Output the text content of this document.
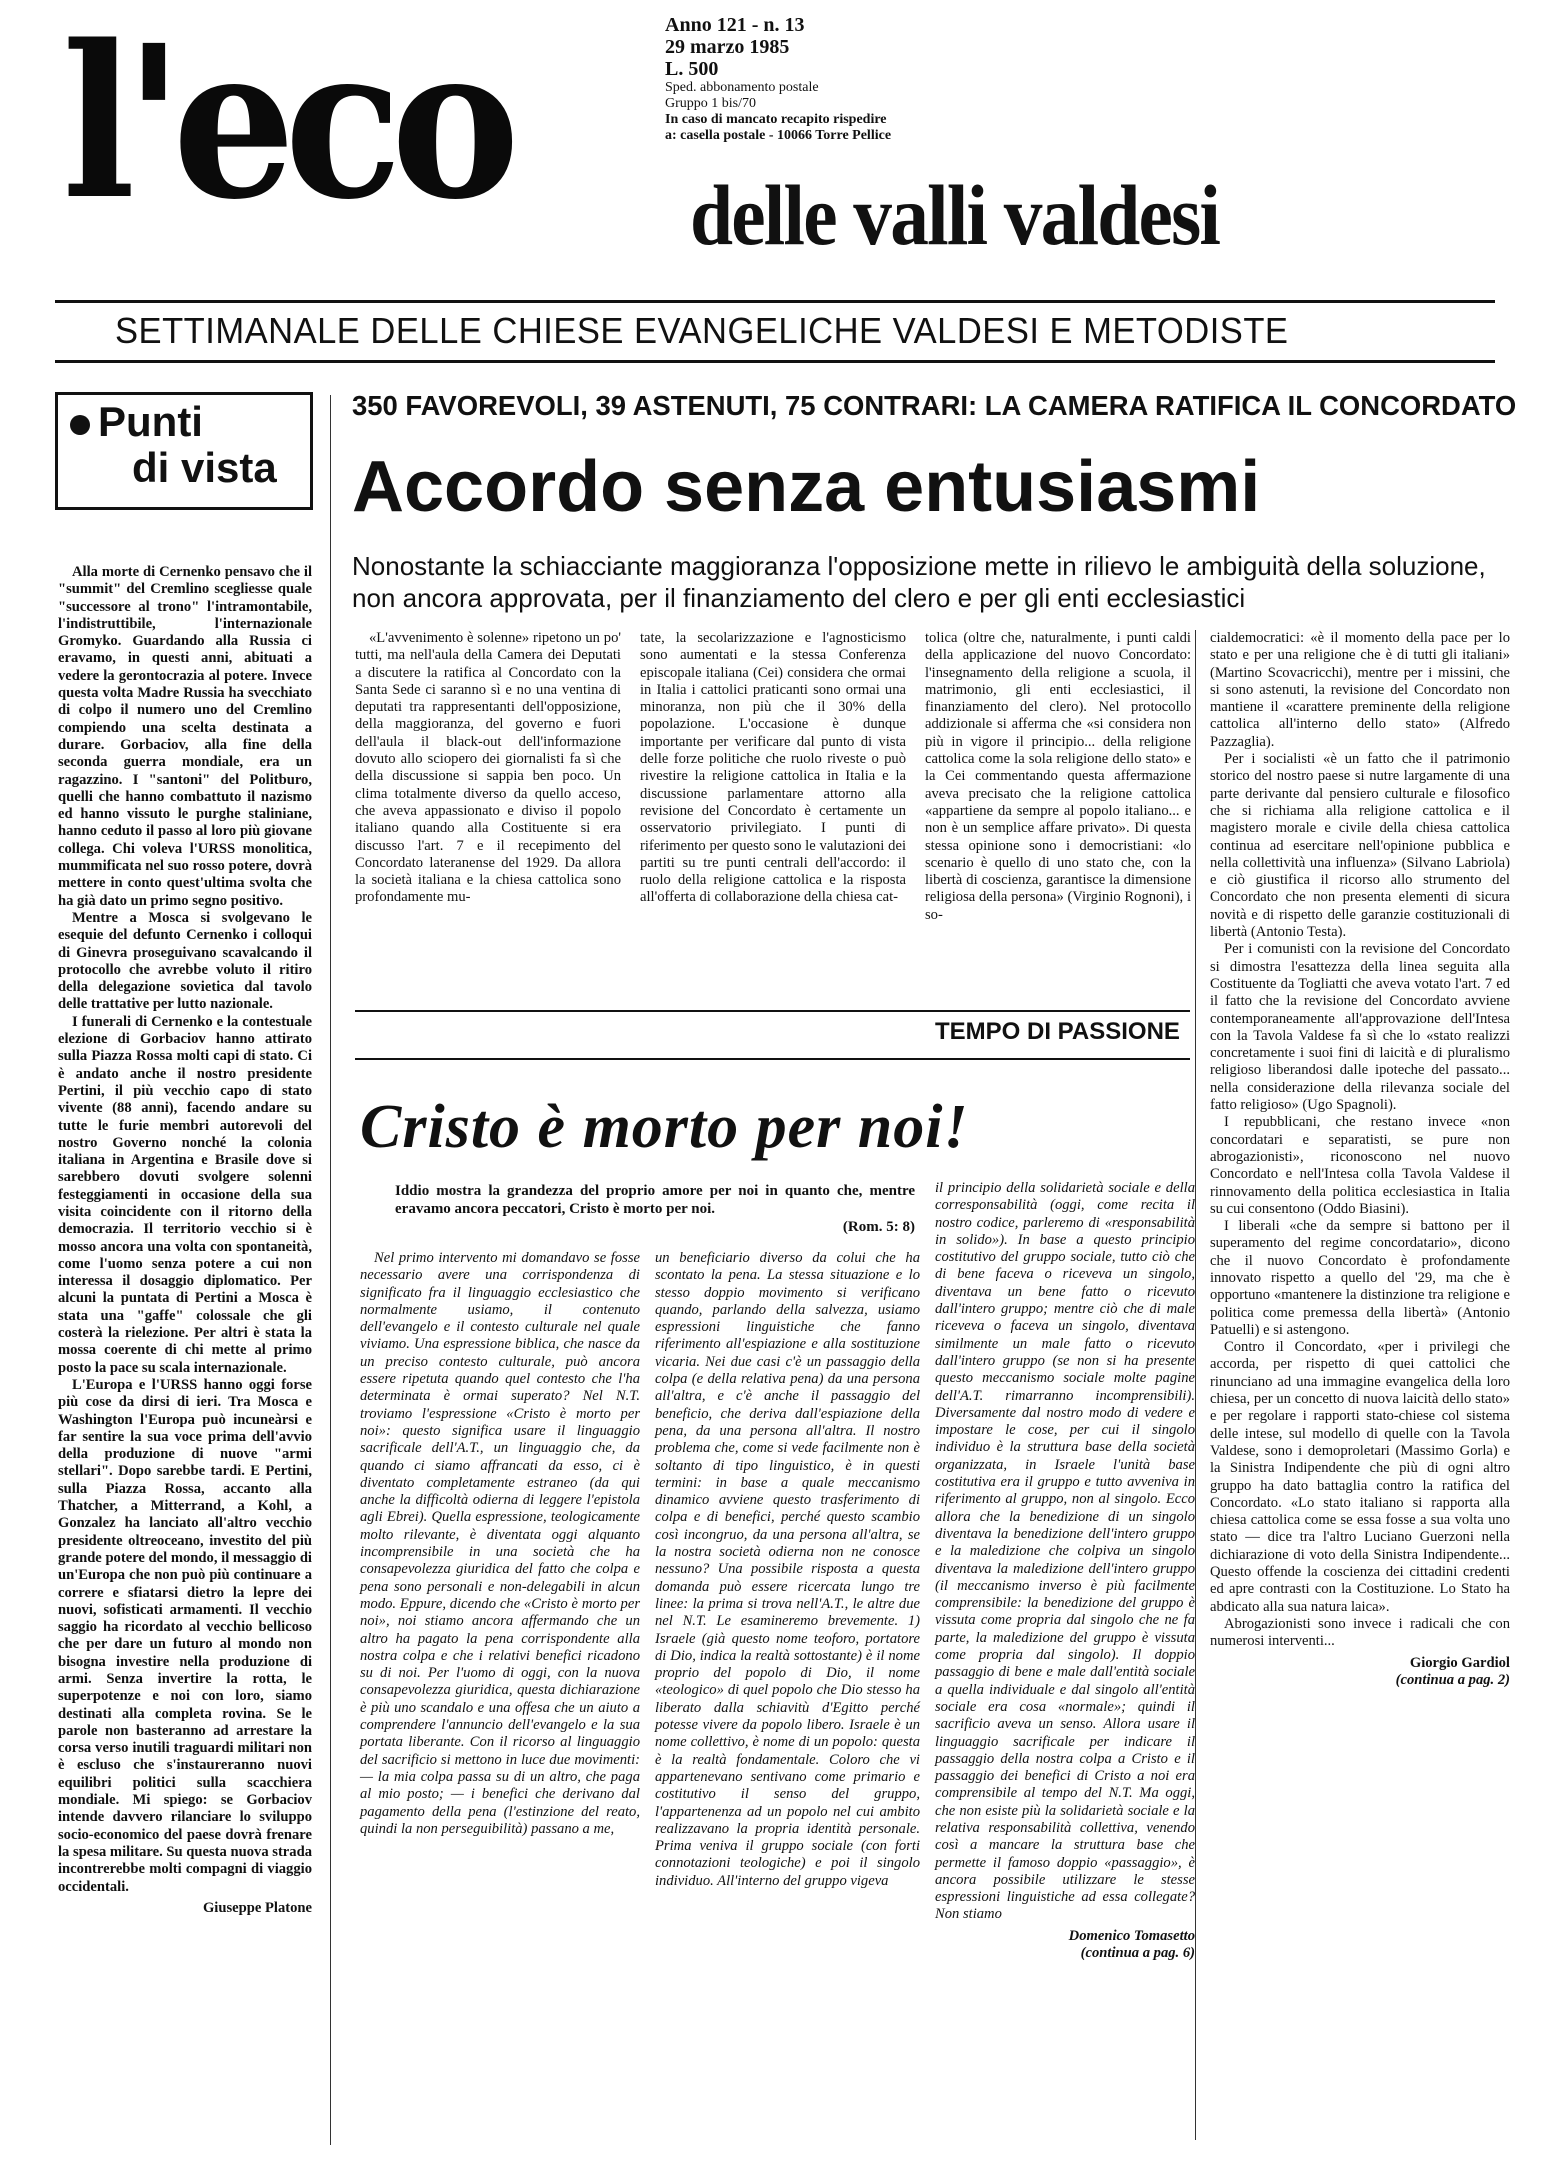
l'eco	Anno 121 - n. 13
29 marzo 1985
L. 500
Sped. abbonamento postale
Gruppo 1 bis/70
In caso di mancato recapito rispedire
a: casella postale - 10066 Torre Pellice
delle valli valdesi
SETTIMANALE DELLE CHIESE EVANGELICHE VALDESI E METODISTE
Punti
di vista
350 FAVOREVOLI, 39 ASTENUTI, 75 CONTRARI: LA CAMERA RATIFICA IL CONCORDATO
Accordo senza entusiasmi
Nonostante la schiacciante maggioranza l'opposizione mette in rilievo le ambiguità della soluzione, non ancora approvata, per il finanziamento del clero e per gli enti ecclesiastici

Alla morte di Cernenko pensavo che il "summit" del Cremlino scegliesse quale "successore al trono" l'intramontabile, l'indistruttibile, l'internazionale Gromyko. Guardando alla Russia ci eravamo, in questi anni, abituati a vedere la gerontocrazia al potere. Invece questa volta Madre Russia ha svecchiato di colpo il numero uno del Cremlino compiendo una scelta destinata a durare. Gorbaciov, alla fine della seconda guerra mondiale, era un ragazzino. I "santoni" del Politburo, quelli che hanno combattuto il nazismo ed hanno vissuto le purghe staliniane, hanno ceduto il passo al loro più giovane collega. Chi voleva l'URSS monolitica, mummificata nel suo rosso potere, dovrà mettere in conto quest'ultima svolta che ha già dato un primo segno positivo.

Mentre a Mosca si svolgevano le esequie del defunto Cernenko i colloqui di Ginevra proseguivano scavalcando il protocollo che avrebbe voluto il ritiro della delegazione sovietica dal tavolo delle trattative per lutto nazionale.

I funerali di Cernenko e la contestuale elezione di Gorbaciov hanno attirato sulla Piazza Rossa molti capi di stato. Ci è andato anche il nostro presidente Pertini, il più vecchio capo di stato vivente (88 anni), facendo andare su tutte le furie membri autorevoli del nostro Governo nonché la colonia italiana in Argentina e Brasile dove si sarebbero dovuti svolgere solenni festeggiamenti in occasione della sua visita coincidente con il ritorno della democrazia. Il territorio vecchio si è mosso ancora una volta con spontaneità, come l'uomo senza potere a cui non interessa il dosaggio diplomatico. Per alcuni la puntata di Pertini a Mosca è stata una "gaffe" colossale che gli costerà la rielezione. Per altri è stata la mossa coerente di chi mette al primo posto la pace su scala internazionale.

L'Europa e l'URSS hanno oggi forse più cose da dirsi di ieri. Tra Mosca e Washington l'Europa può incuneàrsi e far sentire la sua voce prima dell'avvio della produzione di nuove "armi stellari". Dopo sarebbe tardi. E Pertini, sulla Piazza Rossa, accanto alla Thatcher, a Mitterrand, a Kohl, a Gonzalez ha lanciato all'altro vecchio presidente oltreoceano, investito del più grande potere del mondo, il messaggio di un'Europa che non può più continuare a correre e sfiatarsi dietro la lepre dei nuovi, sofisticati armamenti. Il vecchio saggio ha ricordato al vecchio bellicoso che per dare un futuro al mondo non bisogna investire nella produzione di armi. Senza invertire la rotta, le superpotenze e noi con loro, siamo destinati alla completa rovina. Se le parole non basteranno ad arrestare la corsa verso inutili traguardi militari non è escluso che s'instaureranno nuovi equilibri politici sulla scacchiera mondiale. Mi spiego: se Gorbaciov intende davvero rilanciare lo sviluppo socio-economico del paese dovrà frenare la spesa militare. Su questa nuova strada incontrerebbe molti compagni di viaggio occidentali.

Giuseppe Platone

«L'avvenimento è solenne» ripetono un po' tutti, ma nell'aula della Camera dei Deputati a discutere la ratifica al Concordato con la Santa Sede ci saranno sì e no una ventina di deputati tra rappresentanti dell'opposizione, della maggioranza, del governo e fuori dell'aula il black-out dell'informazione dovuto allo sciopero dei giornalisti fa sì che della discussione si sappia ben poco. Un clima totalmente diverso da quello acceso, che aveva appassionato e diviso il popolo italiano quando alla Costituente si era discusso l'art. 7 e il recepimento del Concordato lateranense del 1929. Da allora la società italiana e la chiesa cattolica sono profondamente mu-

tate, la secolarizzazione e l'agnosticismo sono aumentati e la stessa Conferenza episcopale italiana (Cei) considera che ormai in Italia i cattolici praticanti sono ormai una minoranza, non più che il 30% della popolazione. L'occasione è dunque importante per verificare dal punto di vista delle forze politiche che ruolo riveste o può rivestire la religione cattolica in Italia e la discussione parlamentare attorno alla revisione del Concordato è certamente un osservatorio privilegiato. I punti di riferimento per questo sono le valutazioni dei partiti su tre punti centrali dell'accordo: il ruolo della religione cattolica e la risposta all'offerta di collaborazione della chiesa cat-

tolica (oltre che, naturalmente, i punti caldi della applicazione del nuovo Concordato: l'insegnamento della religione a scuola, il matrimonio, gli enti ecclesiastici, il finanziamento del clero). Nel protocollo addizionale si afferma che «si considera non più in vigore il principio... della religione cattolica come la sola religione dello stato» e la Cei commentando questa affermazione aveva precisato che la religione cattolica «appartiene da sempre al popolo italiano... e non è un semplice affare privato». Di questa stessa opinione sono i democristiani: «lo scenario è quello di uno stato che, con la libertà di coscienza, garantisce la dimensione religiosa della persona» (Virginio Rognoni), i so-

cialdemocratici: «è il momento della pace per lo stato e per una religione che è di tutti gli italiani» (Martino Scovacricchi), mentre per i missini, che si sono astenuti, la revisione del Concordato non mantiene il «carattere preminente della religione cattolica all'interno dello stato» (Alfredo Pazzaglia).

Per i socialisti «è un fatto che il patrimonio storico del nostro paese si nutre largamente di una parte derivante dal pensiero culturale e filosofico che si richiama alla religione cattolica e il magistero morale e civile della chiesa cattolica continua ad esercitare nell'opinione pubblica e nella collettività una influenza» (Silvano Labriola) e ciò giustifica il ricorso allo strumento del Concordato che non presenta elementi di sicura novità e di rispetto delle garanzie costituzionali di libertà (Antonio Testa).

Per i comunisti con la revisione del Concordato si dimostra l'esattezza della linea seguita alla Costituente da Togliatti che aveva votato l'art. 7 ed il fatto che la revisione del Concordato avviene contemporaneamente all'approvazione dell'Intesa con la Tavola Valdese fa sì che lo «stato realizzi concretamente i suoi fini di laicità e di pluralismo religioso liberandosi dalle ipoteche del passato... nella considerazione della rilevanza sociale del fatto religioso» (Ugo Spagnoli).

I repubblicani, che restano invece «non concordatari e separatisti, se pure non abrogazionisti», riconoscono nel nuovo Concordato e nell'Intesa colla Tavola Valdese il rinnovamento della politica ecclesiastica in Italia su cui consentono (Oddo Biasini).

I liberali «che da sempre si battono per il superamento del regime concordatario», dicono che il nuovo Concordato è profondamente innovato rispetto a quello del '29, ma che è opportuno «mantenere la distinzione tra religione e politica come premessa della libertà» (Antonio Patuelli) e si astengono.

Contro il Concordato, «per i privilegi che accorda, per rispetto di quei cattolici che rinunciano ad una immagine evangelica della loro chiesa, per un concetto di nuova laicità dello stato» e per regolare i rapporti stato-chiese col sistema delle intese, sul modello di quelle con la Tavola Valdese, sono i demoproletari (Massimo Gorla) e la Sinistra Indipendente che più di ogni altro gruppo ha dato battaglia contro la ratifica del Concordato. «Lo stato italiano si rapporta alla chiesa cattolica come se essa fosse a sua volta uno stato — dice tra l'altro Luciano Guerzoni nella dichiarazione di voto della Sinistra Indipendente... Questo offende la coscienza dei cittadini credenti ed apre contrasti con la Costituzione. Lo Stato ha abdicato alla sua natura laica».

Abrogazionisti sono invece i radicali che con numerosi interventi...

Giorgio Gardiol

(continua a pag. 2)

TEMPO DI PASSIONE
Cristo è morto per noi!
Iddio mostra la grandezza del proprio amore per noi in quanto che, mentre eravamo ancora peccatori, Cristo è morto per noi.
(Rom. 5: 8)

Nel primo intervento mi domandavo se fosse necessario avere una corrispondenza di significato fra il linguaggio ecclesiastico che normalmente usiamo, il contenuto dell'evangelo e il contesto culturale nel quale viviamo. Una espressione biblica, che nasce da un preciso contesto culturale, può ancora essere ripetuta quando quel contesto che l'ha determinata è ormai superato? Nel N.T. troviamo l'espressione «Cristo è morto per noi»: questo significa usare il linguaggio sacrificale dell'A.T., un linguaggio che, da quando ci siamo affrancati da esso, ci è diventato completamente estraneo (da qui anche la difficoltà odierna di leggere l'epistola agli Ebrei). Quella espressione, teologicamente molto rilevante, è diventata oggi alquanto incomprensibile in una società che ha consapevolezza giuridica del fatto che colpa e pena sono personali e non-delegabili in alcun modo. Eppure, dicendo che «Cristo è morto per noi», noi stiamo ancora affermando che un altro ha pagato la pena corrispondente alla nostra colpa e che i relativi benefici ricadono su di noi. Per l'uomo di oggi, con la nuova consapevolezza giuridica, questa dichiarazione è più uno scandalo e una offesa che un aiuto a comprendere l'annuncio dell'evangelo e la sua portata liberante. Con il ricorso al linguaggio del sacrificio si mettono in luce due movimenti: — la mia colpa passa su di un altro, che paga al mio posto; — i benefici che derivano dal pagamento della pena (l'estinzione del reato, quindi la non perseguibilità) passano a me,

un beneficiario diverso da colui che ha scontato la pena. La stessa situazione e lo stesso doppio movimento si verificano quando, parlando della salvezza, usiamo espressioni linguistiche che fanno riferimento all'espiazione e alla sostituzione vicaria. Nei due casi c'è un passaggio della colpa (e della relativa pena) da una persona all'altra, e c'è anche il passaggio del beneficio, che deriva dall'espiazione della pena, da una persona all'altra. Il nostro problema che, come si vede facilmente non è soltanto di tipo linguistico, è in questi termini: in base a quale meccanismo dinamico avviene questo trasferimento di colpa e di benefici, perché questo scambio così incongruo, da una persona all'altra, se la nostra società odierna non ne conosce nessuno? Una possibile risposta a questa domanda può essere ricercata lungo tre linee: la prima si trova nell'A.T., le altre due nel N.T. Le esamineremo brevemente. 1) Israele (già questo nome teoforo, portatore di Dio, indica la realtà sottostante) è il nome proprio del popolo di Dio, il nome «teologico» di quel popolo che Dio stesso ha liberato dalla schiavitù d'Egitto perché potesse vivere da popolo libero. Israele è un nome collettivo, è nome di un popolo: questa è la realtà fondamentale. Coloro che vi appartenevano sentivano come primario e costitutivo il senso del gruppo, l'appartenenza ad un popolo nel cui ambito realizzavano la propria identità personale. Prima veniva il gruppo sociale (con forti connotazioni teologiche) e poi il singolo individuo. All'interno del gruppo vigeva

il principio della solidarietà sociale e della corresponsabilità (oggi, come recita il nostro codice, parleremo di «responsabilità in solido»). In base a questo principio costitutivo del gruppo sociale, tutto ciò che di bene faceva o riceveva un singolo, diventava un bene fatto o ricevuto dall'intero gruppo; mentre ciò che di male riceveva o faceva un singolo, diventava similmente un male fatto o ricevuto dall'intero gruppo (se non si ha presente questo meccanismo sociale molte pagine dell'A.T. rimarranno incomprensibili). Diversamente dal nostro modo di vedere e impostare le cose, per cui il singolo individuo è la struttura base della società organizzata, in Israele l'unità base costitutiva era il gruppo e tutto avveniva in riferimento al gruppo, non al singolo. Ecco allora che la benedizione di un singolo diventava la benedizione dell'intero gruppo e la maledizione che colpiva un singolo diventava la maledizione dell'intero gruppo (il meccanismo inverso è più facilmente comprensibile: la benedizione del gruppo è vissuta come propria dal singolo che ne fa parte, la maledizione del gruppo è vissuta come propria dal singolo). Il doppio passaggio di bene e male dall'entità sociale a quella individuale e dal singolo all'entità sociale era cosa «normale»; quindi il sacrificio aveva un senso. Allora usare il linguaggio sacrificale per indicare il passaggio della nostra colpa a Cristo e il passaggio dei benefici di Cristo a noi era comprensibile al tempo del N.T. Ma oggi, che non esiste più la solidarietà sociale e la relativa responsabilità collettiva, venendo così a mancare la struttura base che permette il famoso doppio «passaggio», è ancora possibile utilizzare le stesse espressioni linguistiche ad essa collegate? Non stiamo

Domenico Tomasetto

(continua a pag. 6)
